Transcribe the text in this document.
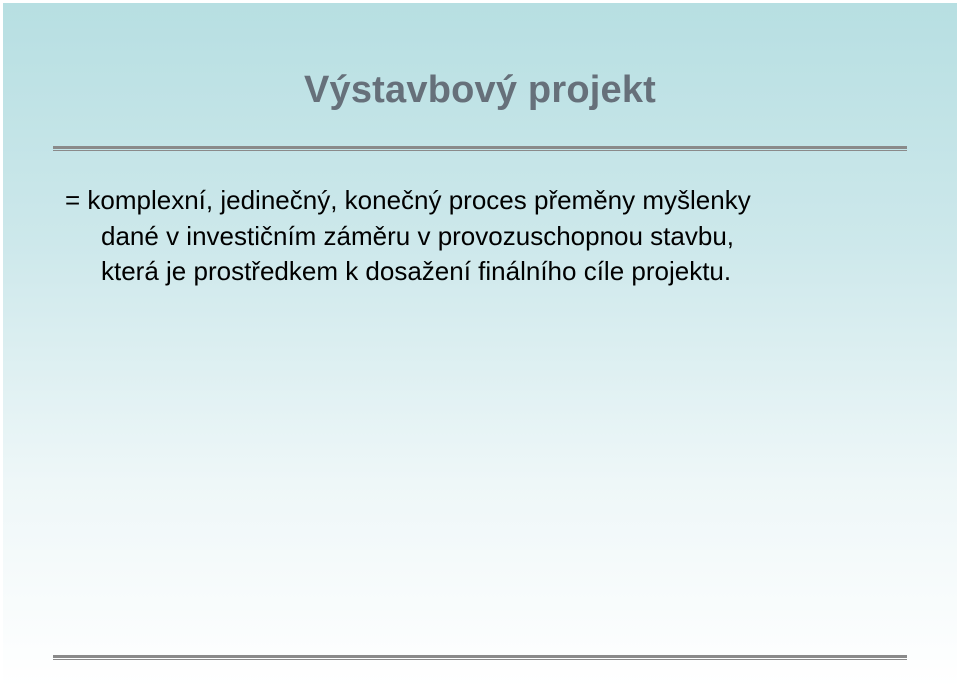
Výstavbový projekt
= komplexní, jedinečný, konečný proces přeměny myšlenky
dané v investičním záměru v provozuschopnou stavbu,
která je prostředkem k dosažení finálního cíle projektu.
